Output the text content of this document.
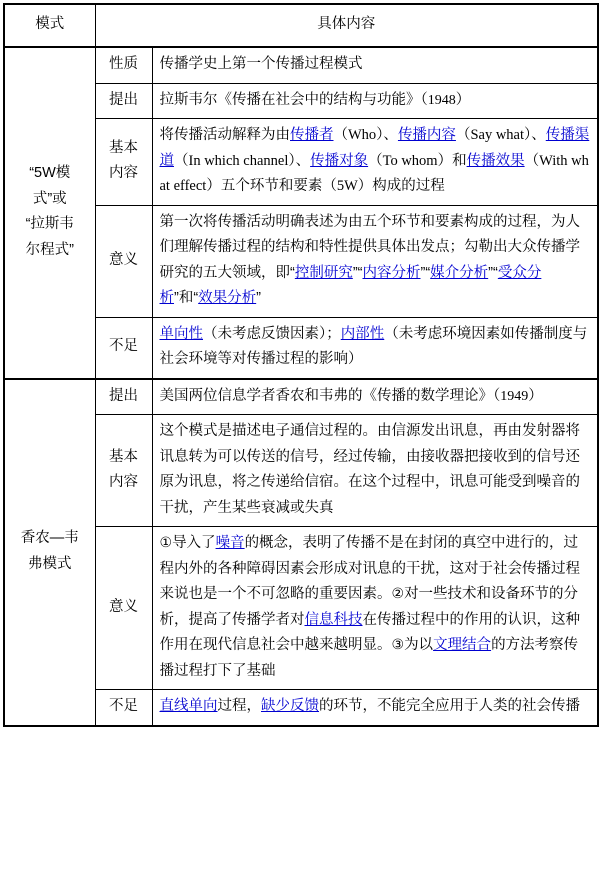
模式	具体内容	
“5W模
式”或
“拉斯韦
尔程式”	性质	传播学史上第一个传播过程模式
	提出	拉斯韦尔《传播在社会中的结构与功能》（1948）
	基本
内容	将传播活动解释为由传播者（Who）、传播内容（Say what）、传播渠道（In which channel）、传播对象（To whom）和传播效果（With what effect）五个环节和要素（5W）构成的过程
	意义	第一次将传播活动明确表述为由五个环节和要素构成的过程，为人们理解传播过程的结构和特性提供具体出发点；勾勒出大众传播学研究的五大领域，即“控制研究”“内容分析”“媒介分析”“受众分析”和“效果分析”
	不足	单向性（未考虑反馈因素）；内部性（未考虑环境因素如传播制度与社会环境等对传播过程的影响）
香农—韦
弗模式	提出	美国两位信息学者香农和韦弗的《传播的数学理论》（1949）
	基本
内容	这个模式是描述电子通信过程的。由信源发出讯息，再由发射器将讯息转为可以传送的信号，经过传输，由接收器把接收到的信号还原为讯息，将之传递给信宿。在这个过程中，讯息可能受到噪音的干扰，产生某些衰减或失真
	意义	①导入了噪音的概念，表明了传播不是在封闭的真空中进行的，过程内外的各种障碍因素会形成对讯息的干扰，这对于社会传播过程来说也是一个不可忽略的重要因素。②对一些技术和设备环节的分析，提高了传播学者对信息科技在传播过程中的作用的认识，这种作用在现代信息社会中越来越明显。③为以文理结合的方法考察传播过程打下了基础
	不足	直线单向过程，缺少反馈的环节，不能完全应用于人类的社会传播
